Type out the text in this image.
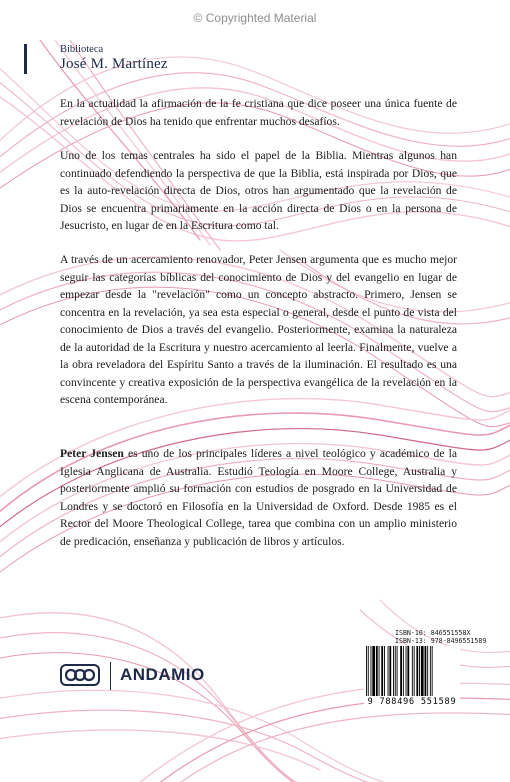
© Copyrighted Material
Biblioteca
José M. Martínez

En la actualidad la afirmación de la fe cristiana que dice poseer una única fuente de revelación de Dios ha tenido que enfrentar muchos desafíos.

Uno de los temas centrales ha sido el papel de la Biblia. Mientras algunos han continuado defendiendo la perspectiva de que la Biblia, está inspirada por Dios, que es la auto-revelación directa de Dios, otros han argumentado que la revelación de Dios se encuentra primariamente en la acción directa de Dios o en la persona de Jesucristo, en lugar de en la Escritura como tal.

A través de un acercamiento renovador, Peter Jensen argumenta que es mucho mejor seguir las categorías bíblicas del conocimiento de Dios y del evangelio en lugar de empezar desde la "revelación" como un concepto abstracto. Primero, Jensen se concentra en la revelación, ya sea esta especial o general, desde el punto de vista del conocimiento de Dios a través del evangelio. Posteriormente, examina la naturaleza de la autoridad de la Escritura y nuestro acercamiento al leerla. Finalmente, vuelve a la obra reveladora del Espíritu Santo a través de la iluminación. El resultado es una convincente y creativa exposición de la perspectiva evangélica de la revelación en la escena contemporánea.

Peter Jensen es uno de los principales líderes a nivel teológico y académico de la Iglesia Anglicana de Australia. Estudió Teología en Moore College, Australia y posteriormente amplió su formación con estudios de posgrado en la Universidad de Londres y se doctoró en Filosofía en la Universidad de Oxford. Desde 1985 es el Rector del Moore Theological College, tarea que combina con un amplio ministerio de predicación, enseñanza y publicación de libros y artículos.

ISBN-10: 846551558X
ISBN-13: 978-8496551589
9 788496 551589
ANDAMIO
